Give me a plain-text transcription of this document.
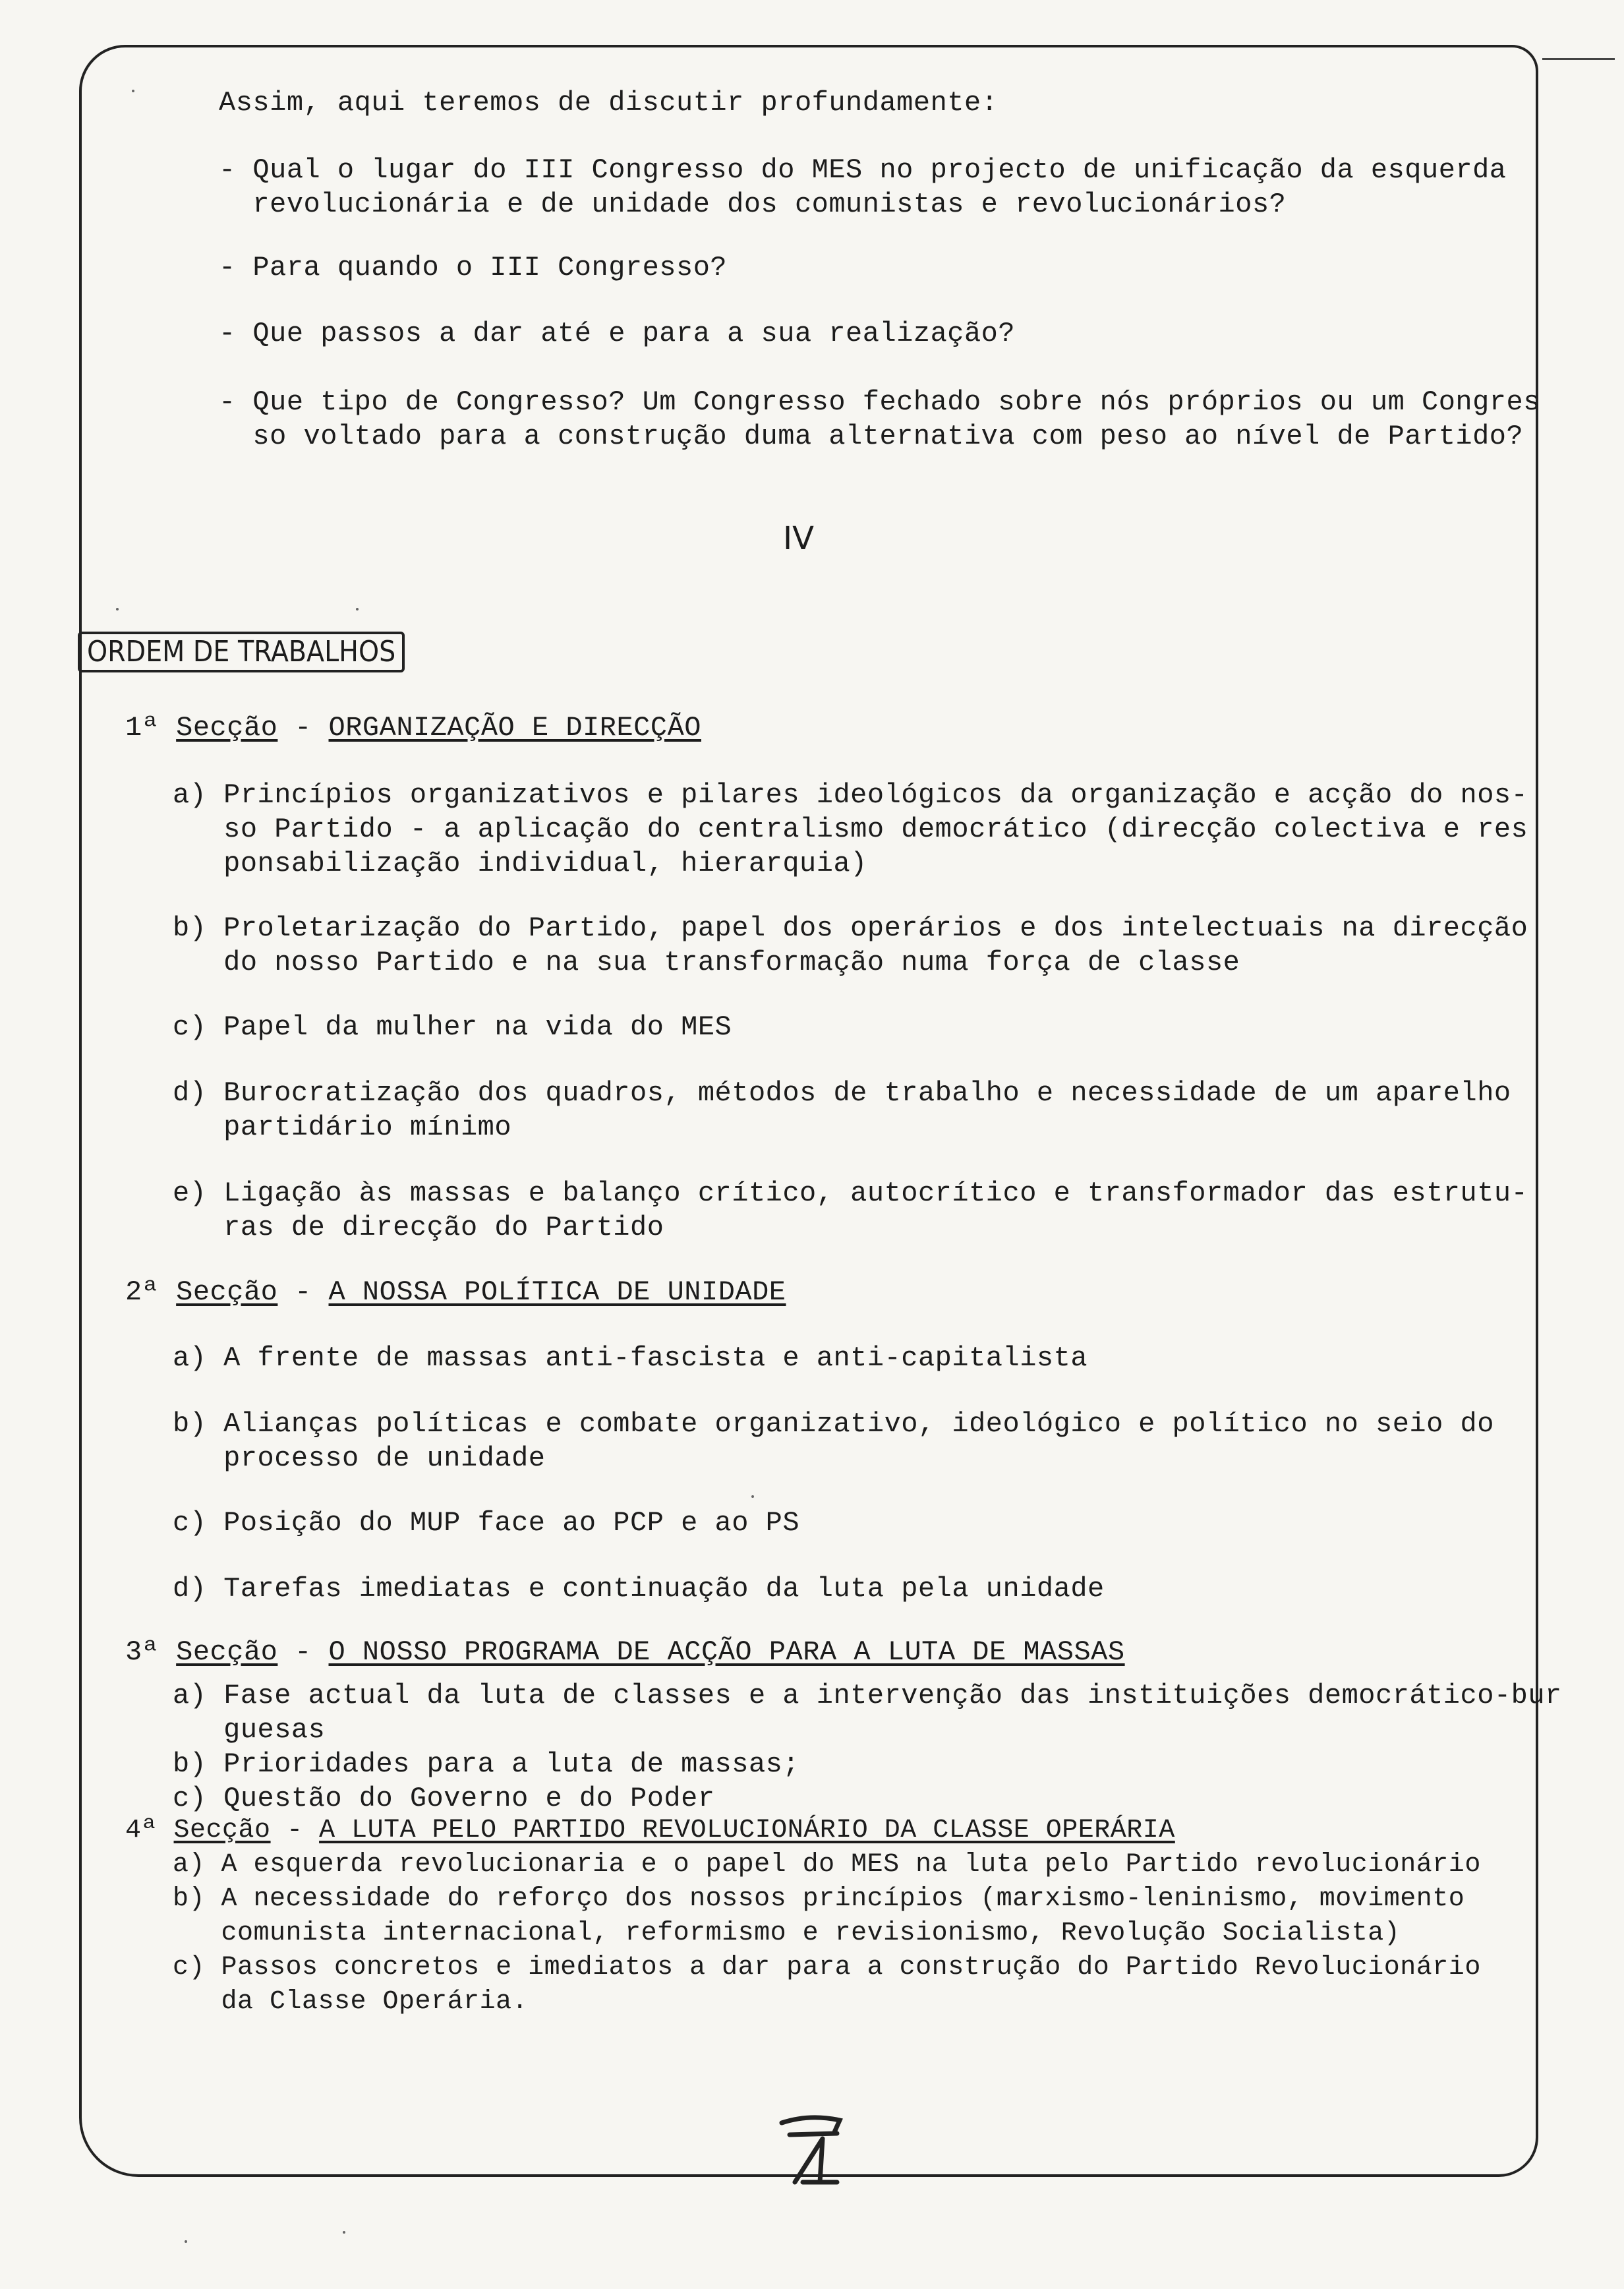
Assim, aqui teremos de discutir profundamente:
- Qual o lugar do III Congresso do MES no projecto de unificação da esquerda
revolucionária e de unidade dos comunistas e revolucionários?
- Para quando o III Congresso?
- Que passos a dar até e para a sua realização?
- Que tipo de Congresso? Um Congresso fechado sobre nós próprios ou um Congres
so voltado para a construção duma alternativa com peso ao nível de Partido?
IV
ORDEM DE TRABALHOS
1ª Secção - ORGANIZAÇÃO E DIRECÇÃO
a) Princípios organizativos e pilares ideológicos da organização e acção do nos-
so Partido - a aplicação do centralismo democrático (direcção colectiva e res
ponsabilização individual, hierarquia)
b) Proletarização do Partido, papel dos operários e dos intelectuais na direcção
do nosso Partido e na sua transformação numa força de classe
c) Papel da mulher na vida do MES
d) Burocratização dos quadros, métodos de trabalho e necessidade de um aparelho
partidário mínimo
e) Ligação às massas e balanço crítico, autocrítico e transformador das estrutu-
ras de direcção do Partido
2ª Secção - A NOSSA POLÍTICA DE UNIDADE
a) A frente de massas anti-fascista e anti-capitalista
b) Alianças políticas e combate organizativo, ideológico e político no seio do
processo de unidade
c) Posição do MUP face ao PCP e ao PS
d) Tarefas imediatas e continuação da luta pela unidade
3ª Secção - O NOSSO PROGRAMA DE ACÇÃO PARA A LUTA DE MASSAS
a) Fase actual da luta de classes e a intervenção das instituições democrático-bur
guesas
b) Prioridades para a luta de massas;
c) Questão do Governo e do Poder
4ª Secção - A LUTA PELO PARTIDO REVOLUCIONÁRIO DA CLASSE OPERÁRIA
a) A esquerda revolucionaria e o papel do MES na luta pelo Partido revolucionário
b) A necessidade do reforço dos nossos princípios (marxismo-leninismo, movimento
comunista internacional, reformismo e revisionismo, Revolução Socialista)
c) Passos concretos e imediatos a dar para a construção do Partido Revolucionário
da Classe Operária.
